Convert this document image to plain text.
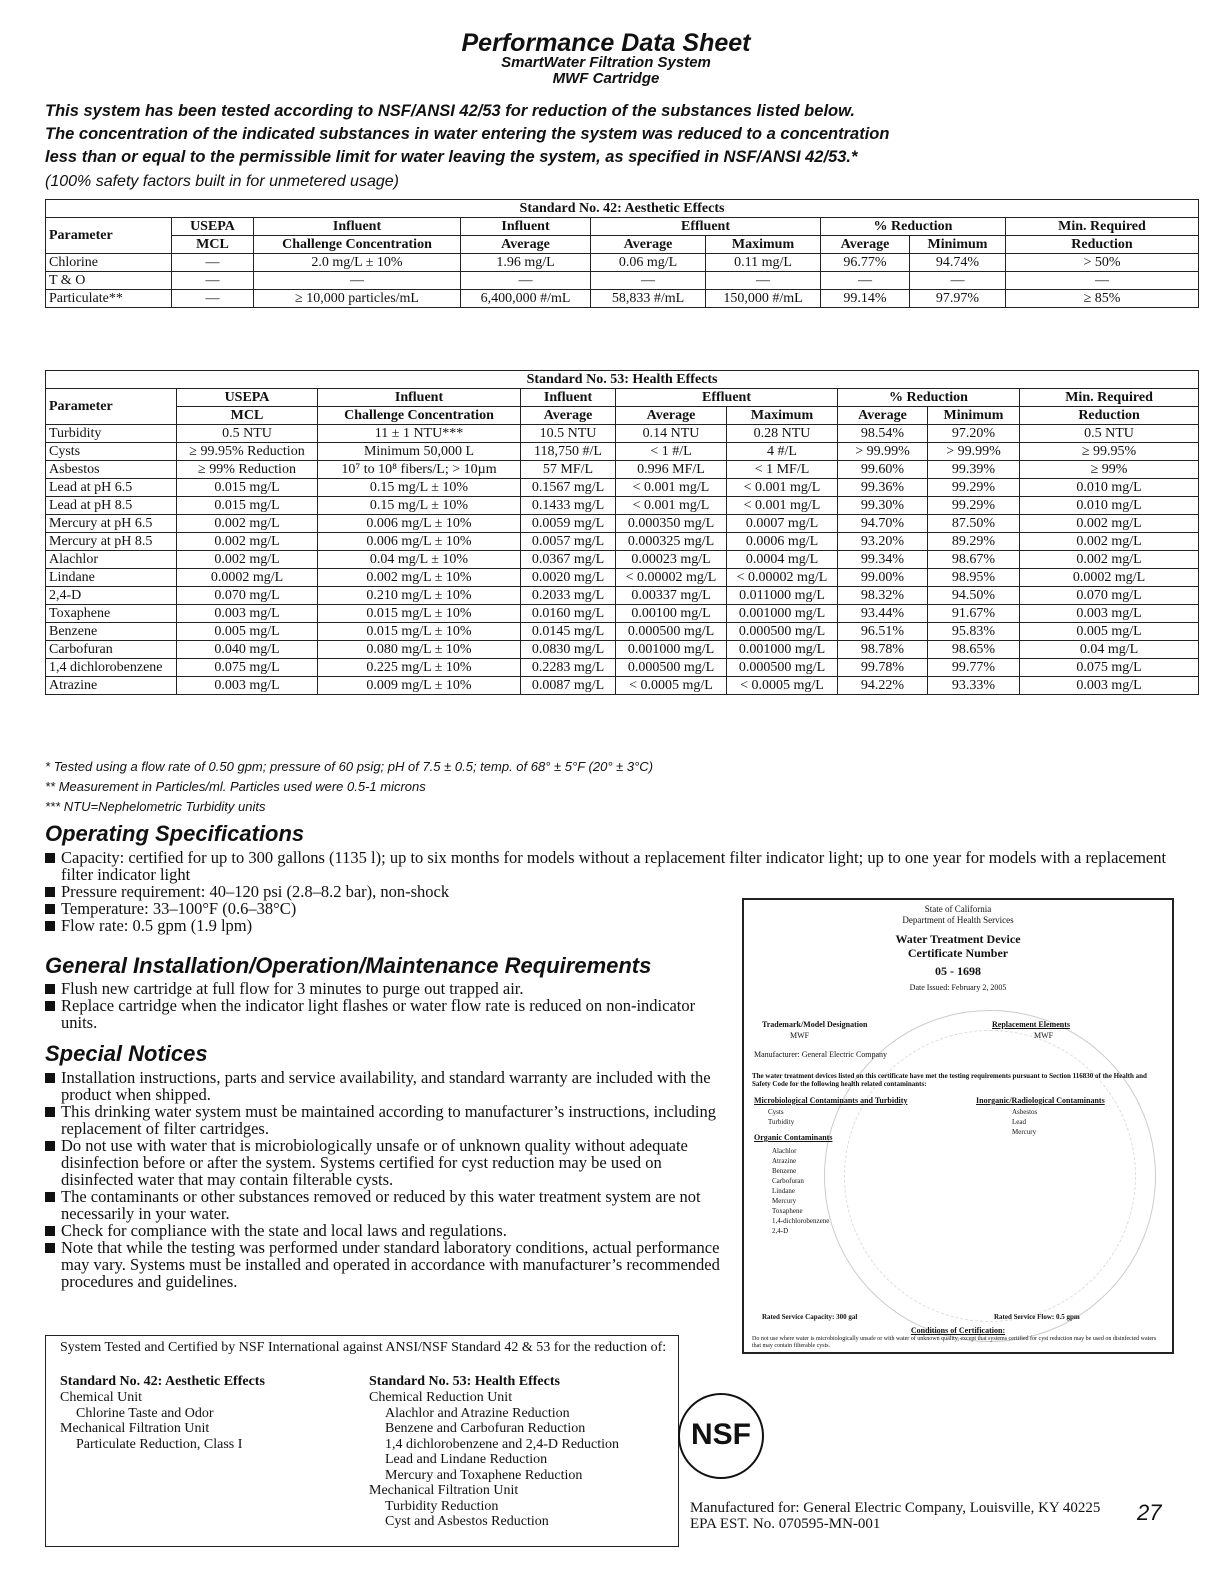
Performance Data Sheet
SmartWater Filtration System
MWF Cartridge
This system has been tested according to NSF/ANSI 42/53 for reduction of the substances listed below.
The concentration of the indicated substances in water entering the system was reduced to a concentration
less than or equal to the permissible limit for water leaving the system, as specified in NSF/ANSI 42/53.*
(100% safety factors built in for unmetered usage)
Standard No. 42: Aesthetic Effects								
Parameter	USEPA	Influent	Influent	Effluent		% Reduction		Min. Required
	MCL	Challenge Concentration	Average	Average	Maximum	Average	Minimum	Reduction
Chlorine	—	2.0 mg/L ± 10%	1.96 mg/L	0.06 mg/L	0.11 mg/L	96.77%	94.74%	> 50%
T & O	—	—	—	—	—	—	—	—
Particulate**	—	≥ 10,000 particles/mL	6,400,000 #/mL	58,833 #/mL	150,000 #/mL	99.14%	97.97%	≥ 85%
Standard No. 53: Health Effects								
Parameter	USEPA	Influent	Influent	Effluent		% Reduction		Min. Required
	MCL	Challenge Concentration	Average	Average	Maximum	Average	Minimum	Reduction
Turbidity	0.5 NTU	11 ± 1 NTU***	10.5 NTU	0.14 NTU	0.28 NTU	98.54%	97.20%	0.5 NTU
Cysts	≥ 99.95% Reduction	Minimum 50,000 L	118,750 #/L	< 1 #/L	4 #/L	> 99.99%	> 99.99%	≥ 99.95%
Asbestos	≥ 99% Reduction	10⁷ to 10⁸ fibers/L; > 10µm	57 MF/L	0.996 MF/L	< 1 MF/L	99.60%	99.39%	≥ 99%
Lead at pH 6.5	0.015 mg/L	0.15 mg/L ± 10%	0.1567 mg/L	< 0.001 mg/L	< 0.001 mg/L	99.36%	99.29%	0.010 mg/L
Lead at pH 8.5	0.015 mg/L	0.15 mg/L ± 10%	0.1433 mg/L	< 0.001 mg/L	< 0.001 mg/L	99.30%	99.29%	0.010 mg/L
Mercury at pH 6.5	0.002 mg/L	0.006 mg/L ± 10%	0.0059 mg/L	0.000350 mg/L	0.0007 mg/L	94.70%	87.50%	0.002 mg/L
Mercury at pH 8.5	0.002 mg/L	0.006 mg/L ± 10%	0.0057 mg/L	0.000325 mg/L	0.0006 mg/L	93.20%	89.29%	0.002 mg/L
Alachlor	0.002 mg/L	0.04 mg/L ± 10%	0.0367 mg/L	0.00023 mg/L	0.0004 mg/L	99.34%	98.67%	0.002 mg/L
Lindane	0.0002 mg/L	0.002 mg/L ± 10%	0.0020 mg/L	< 0.00002 mg/L	< 0.00002 mg/L	99.00%	98.95%	0.0002 mg/L
2,4-D	0.070 mg/L	0.210 mg/L ± 10%	0.2033 mg/L	0.00337 mg/L	0.011000 mg/L	98.32%	94.50%	0.070 mg/L
Toxaphene	0.003 mg/L	0.015 mg/L ± 10%	0.0160 mg/L	0.00100 mg/L	0.001000 mg/L	93.44%	91.67%	0.003 mg/L
Benzene	0.005 mg/L	0.015 mg/L ± 10%	0.0145 mg/L	0.000500 mg/L	0.000500 mg/L	96.51%	95.83%	0.005 mg/L
Carbofuran	0.040 mg/L	0.080 mg/L ± 10%	0.0830 mg/L	0.001000 mg/L	0.001000 mg/L	98.78%	98.65%	0.04 mg/L
1,4 dichlorobenzene	0.075 mg/L	0.225 mg/L ± 10%	0.2283 mg/L	0.000500 mg/L	0.000500 mg/L	99.78%	99.77%	0.075 mg/L
Atrazine	0.003 mg/L	0.009 mg/L ± 10%	0.0087 mg/L	< 0.0005 mg/L	< 0.0005 mg/L	94.22%	93.33%	0.003 mg/L
* Tested using a flow rate of 0.50 gpm; pressure of 60 psig; pH of 7.5 ± 0.5; temp. of 68° ± 5°F (20° ± 3°C)
** Measurement in Particles/ml. Particles used were 0.5-1 microns
*** NTU=Nephelometric Turbidity units
Operating Specifications
Capacity: certified for up to 300 gallons (1135 l); up to six months for models without a replacement filter indicator light; up to one year for models with a replacement filter indicator light
Pressure requirement: 40–120 psi (2.8–8.2 bar), non-shock
Temperature: 33–100°F (0.6–38°C)
Flow rate: 0.5 gpm (1.9 lpm)
General Installation/Operation/Maintenance Requirements
Flush new cartridge at full flow for 3 minutes to purge out trapped air.
Replace cartridge when the indicator light flashes or water flow rate is reduced on non-indicator units.
Special Notices
Installation instructions, parts and service availability, and standard warranty are included with the product when shipped.
This drinking water system must be maintained according to manufacturer’s instructions, including replacement of filter cartridges.
Do not use with water that is microbiologically unsafe or of unknown quality without adequate disinfection before or after the system. Systems certified for cyst reduction may be used on disinfected water that may contain filterable cysts.
The contaminants or other substances removed or reduced by this water treatment system are not necessarily in your water.
Check for compliance with the state and local laws and regulations.
Note that while the testing was performed under standard laboratory conditions, actual performance may vary. Systems must be installed and operated in accordance with manufacturer’s recommended procedures and guidelines.
State of California
Department of Health Services
Water Treatment Device
Certificate Number
05 - 1698
Date Issued: February 2, 2005
Trademark/Model Designation
MWF
Replacement Elements
MWF
Manufacturer: General Electric Company
The water treatment devices listed on this certificate have met the testing requirements pursuant to Section 116830 of the Health and Safety Code for the following health related contaminants:
Microbiological Contaminants and Turbidity
Cysts
Turbidity
Inorganic/Radiological Contaminants
Asbestos
Lead
Mercury
Organic Contaminants
Alachlor
Atrazine
Benzene
Carbofuran
Lindane
Mercury
Toxaphene
1,4-dichlorobenzene
2,4-D
Rated Service Capacity: 300 gal	Rated Service Flow: 0.5 gpm
Conditions of Certification:
Do not use where water is microbiologically unsafe or with water of unknown quality, except that systems certified for cyst reduction may be used on disinfected waters that may contain filterable cysts.
System Tested and Certified by NSF International against ANSI/NSF Standard 42 & 53 for the reduction of:
Standard No. 42: Aesthetic Effects
Chemical Unit
Chlorine Taste and Odor
Mechanical Filtration Unit
Particulate Reduction, Class I
Standard No. 53: Health Effects
Chemical Reduction Unit
Alachlor and Atrazine Reduction
Benzene and Carbofuran Reduction
1,4 dichlorobenzene and 2,4-D Reduction
Lead and Lindane Reduction
Mercury and Toxaphene Reduction
Mechanical Filtration Unit
Turbidity Reduction
Cyst and Asbestos Reduction
NSF
Manufactured for: General Electric Company, Louisville, KY 40225
EPA EST. No. 070595-MN-001	27
